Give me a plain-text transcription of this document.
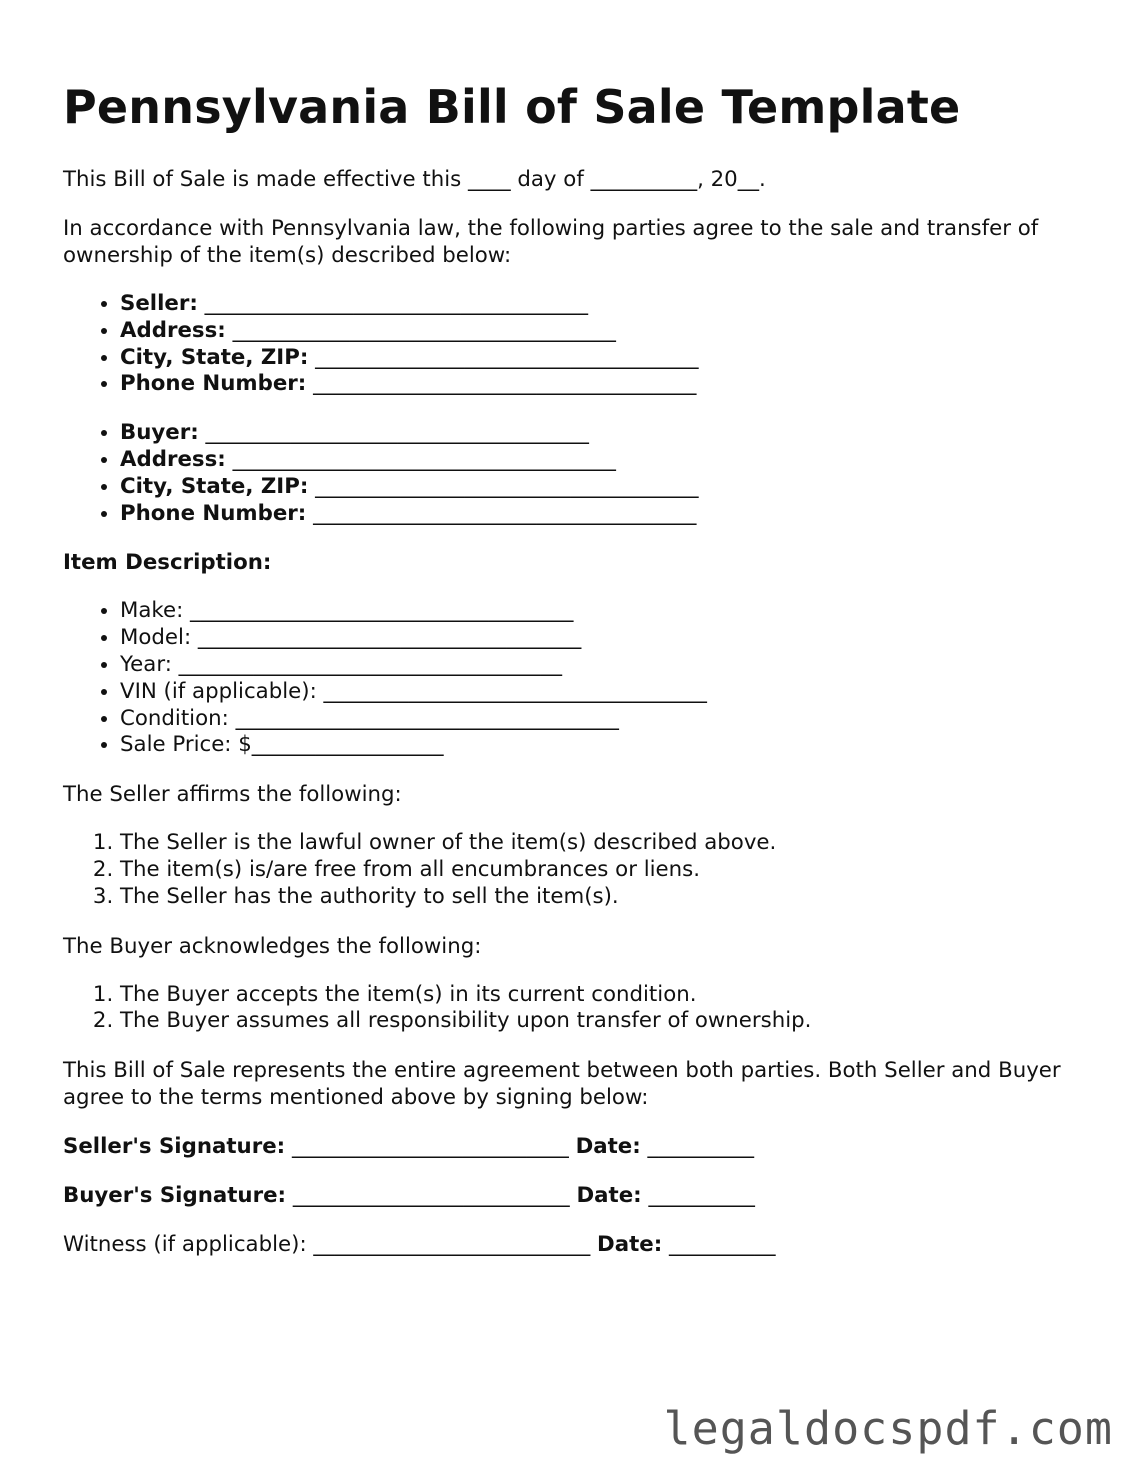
Pennsylvania Bill of Sale Template

This Bill of Sale is made effective this ____ day of __________, 20__.

In accordance with Pennsylvania law, the following parties agree to the sale and transfer of ownership of the item(s) described below:

• Seller: ____________________________________
• Address: ____________________________________
• City, State, ZIP: ____________________________________
• Phone Number: ____________________________________
• Buyer: ____________________________________
• Address: ____________________________________
• City, State, ZIP: ____________________________________
• Phone Number: ____________________________________

Item Description:

• Make: ____________________________________
• Model: ____________________________________
• Year: ____________________________________
• VIN (if applicable): ____________________________________
• Condition: ____________________________________
• Sale Price: $__________________

The Seller affirms the following:

1. The Seller is the lawful owner of the item(s) described above.
2. The item(s) is/are free from all encumbrances or liens.
3. The Seller has the authority to sell the item(s).

The Buyer acknowledges the following:

1. The Buyer accepts the item(s) in its current condition.
2. The Buyer assumes all responsibility upon transfer of ownership.

This Bill of Sale represents the entire agreement between both parties. Both Seller and Buyer agree to the terms mentioned above by signing below:

Seller's Signature: __________________________ Date: __________
Buyer's Signature: __________________________ Date: __________
Witness (if applicable): __________________________ Date: __________
legaldocspdf.com
